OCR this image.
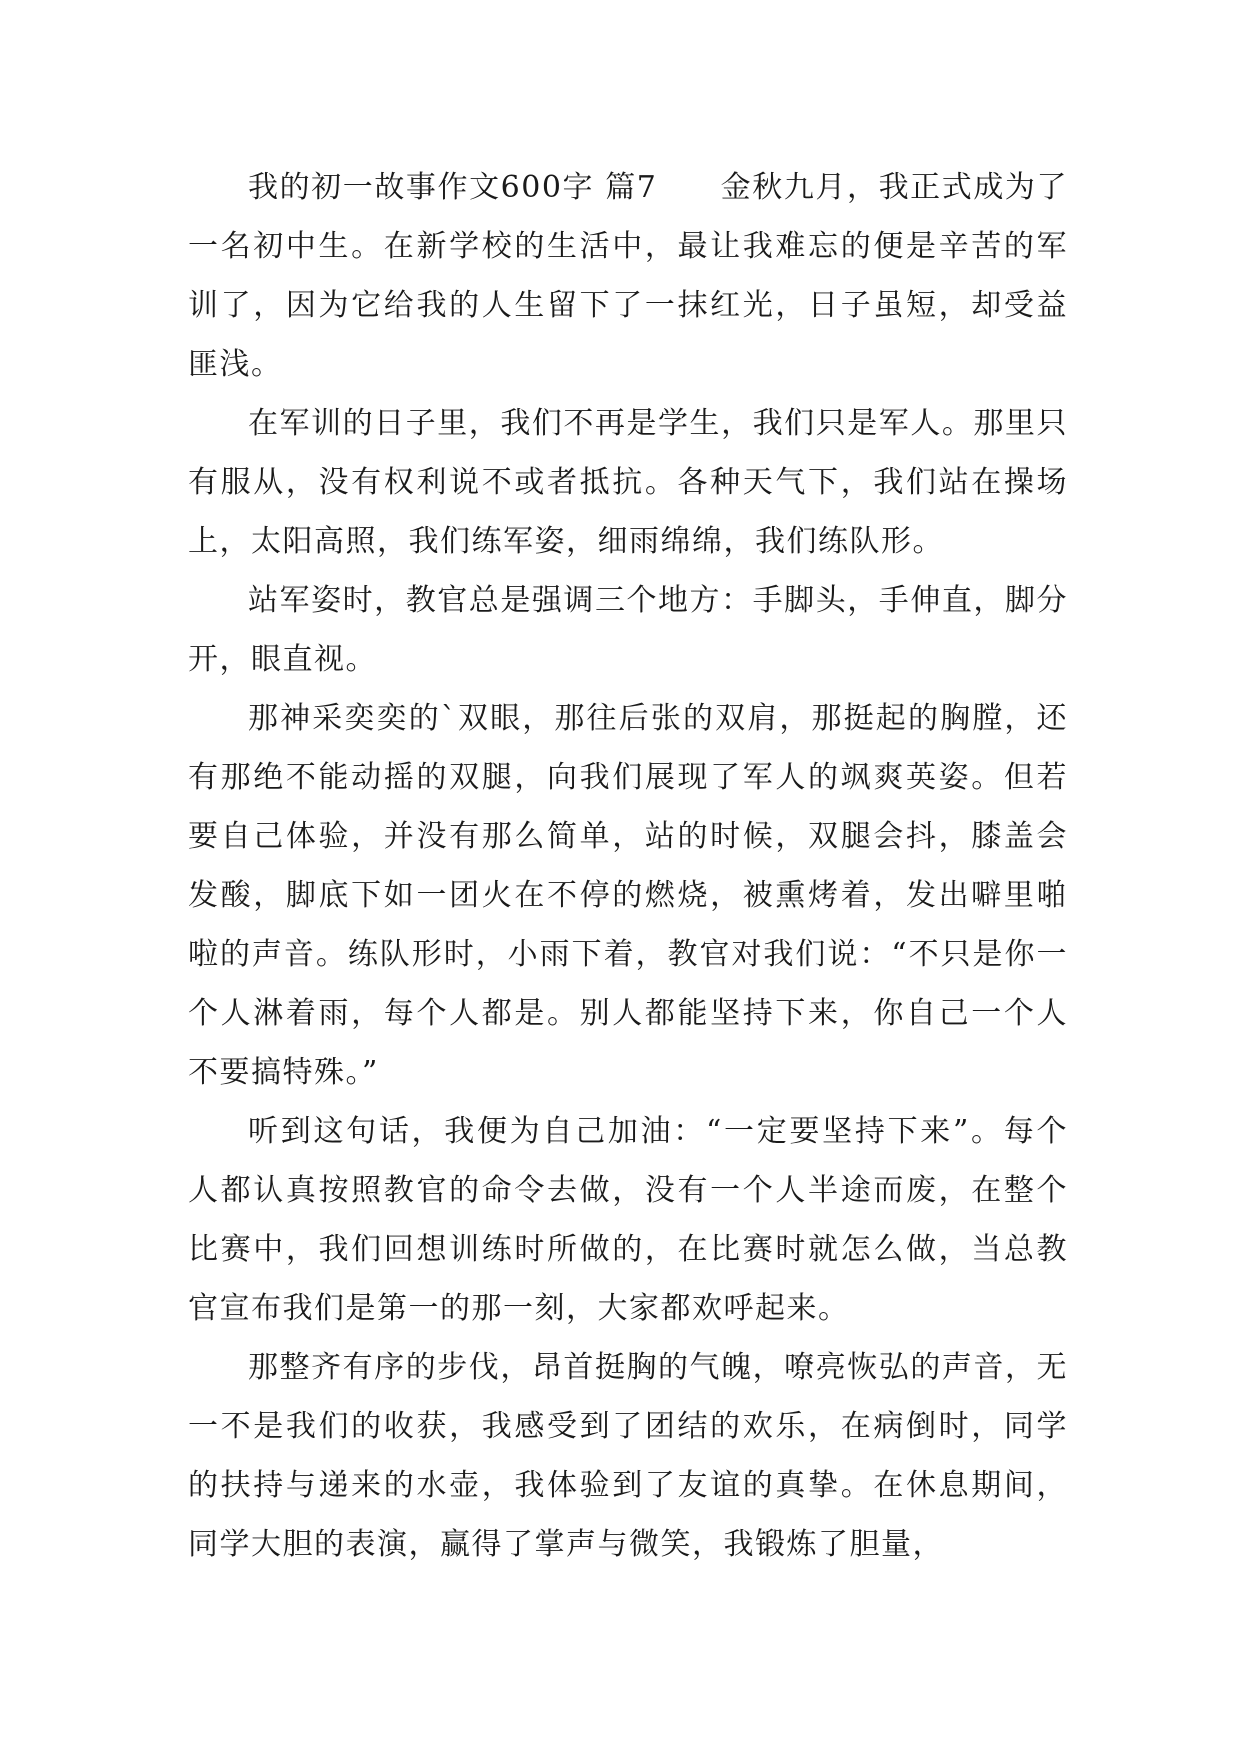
我的初一故事作文600字 篇7　　金秋九月，我正式成为了一名初中生。在新学校的生活中，最让我难忘的便是辛苦的军训了，因为它给我的人生留下了一抹红光，日子虽短，却受益匪浅。

在军训的日子里，我们不再是学生，我们只是军人。那里只有服从，没有权利说不或者抵抗。各种天气下，我们站在操场上，太阳高照，我们练军姿，细雨绵绵，我们练队形。

站军姿时，教官总是强调三个地方：手脚头，手伸直，脚分开，眼直视。

那神采奕奕的`双眼，那往后张的双肩，那挺起的胸膛，还有那绝不能动摇的双腿，向我们展现了军人的飒爽英姿。但若要自己体验，并没有那么简单，站的时候，双腿会抖，膝盖会发酸，脚底下如一团火在不停的燃烧，被熏烤着，发出噼里啪啦的声音。练队形时，小雨下着，教官对我们说：“不只是你一个人淋着雨，每个人都是。别人都能坚持下来，你自己一个人不要搞特殊。”

听到这句话，我便为自己加油：“一定要坚持下来”。每个人都认真按照教官的命令去做，没有一个人半途而废，在整个比赛中，我们回想训练时所做的，在比赛时就怎么做，当总教官宣布我们是第一的那一刻，大家都欢呼起来。

那整齐有序的步伐，昂首挺胸的气魄，嘹亮恢弘的声音，无一不是我们的收获，我感受到了团结的欢乐，在病倒时，同学的扶持与递来的水壶，我体验到了友谊的真挚。在休息期间，同学大胆的表演，赢得了掌声与微笑，我锻炼了胆量，
